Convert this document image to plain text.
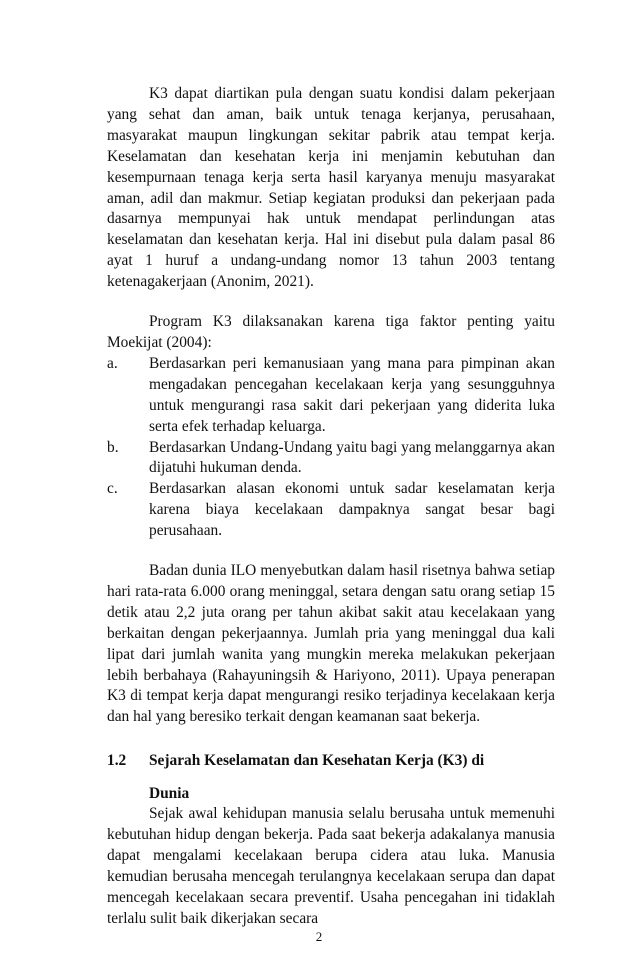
K3 dapat diartikan pula dengan suatu kondisi dalam pekerjaan yang sehat dan aman, baik untuk tenaga kerjanya, perusahaan, masyarakat maupun lingkungan sekitar pabrik atau tempat kerja. Keselamatan dan kesehatan kerja ini menjamin kebutuhan dan kesempurnaan tenaga kerja serta hasil karyanya menuju masyarakat aman, adil dan makmur. Setiap kegiatan produksi dan pekerjaan pada dasarnya mempunyai hak untuk mendapat perlindungan atas keselamatan dan kesehatan kerja. Hal ini disebut pula dalam pasal 86 ayat 1 huruf a undang-undang nomor 13 tahun 2003 tentang ketenagakerjaan (Anonim, 2021).

Program K3 dilaksanakan karena tiga faktor penting yaitu Moekijat (2004):

a. Berdasarkan peri kemanusiaan yang mana para pimpinan akan mengadakan pencegahan kecelakaan kerja yang sesungguhnya untuk mengurangi rasa sakit dari pekerjaan yang diderita luka serta efek terhadap keluarga.
b. Berdasarkan Undang-Undang yaitu bagi yang melanggarnya akan dijatuhi hukuman denda.
c. Berdasarkan alasan ekonomi untuk sadar keselamatan kerja karena biaya kecelakaan dampaknya sangat besar bagi perusahaan.

Badan dunia ILO menyebutkan dalam hasil risetnya bahwa setiap hari rata-rata 6.000 orang meninggal, setara dengan satu orang setiap 15 detik atau 2,2 juta orang per tahun akibat sakit atau kecelakaan yang berkaitan dengan pekerjaannya. Jumlah pria yang meninggal dua kali lipat dari jumlah wanita yang mungkin mereka melakukan pekerjaan lebih berbahaya (Rahayuningsih & Hariyono, 2011). Upaya penerapan K3 di tempat kerja dapat mengurangi resiko terjadinya kecelakaan kerja dan hal yang beresiko terkait dengan keamanan saat bekerja.

1.2 Sejarah Keselamatan dan Kesehatan Kerja (K3) di
Dunia

Sejak awal kehidupan manusia selalu berusaha untuk memenuhi kebutuhan hidup dengan bekerja. Pada saat bekerja adakalanya manusia dapat mengalami kecelakaan berupa cidera atau luka. Manusia kemudian berusaha mencegah terulangnya kecelakaan serupa dan dapat mencegah kecelakaan secara preventif. Usaha pencegahan ini tidaklah terlalu sulit baik dikerjakan secara

2
